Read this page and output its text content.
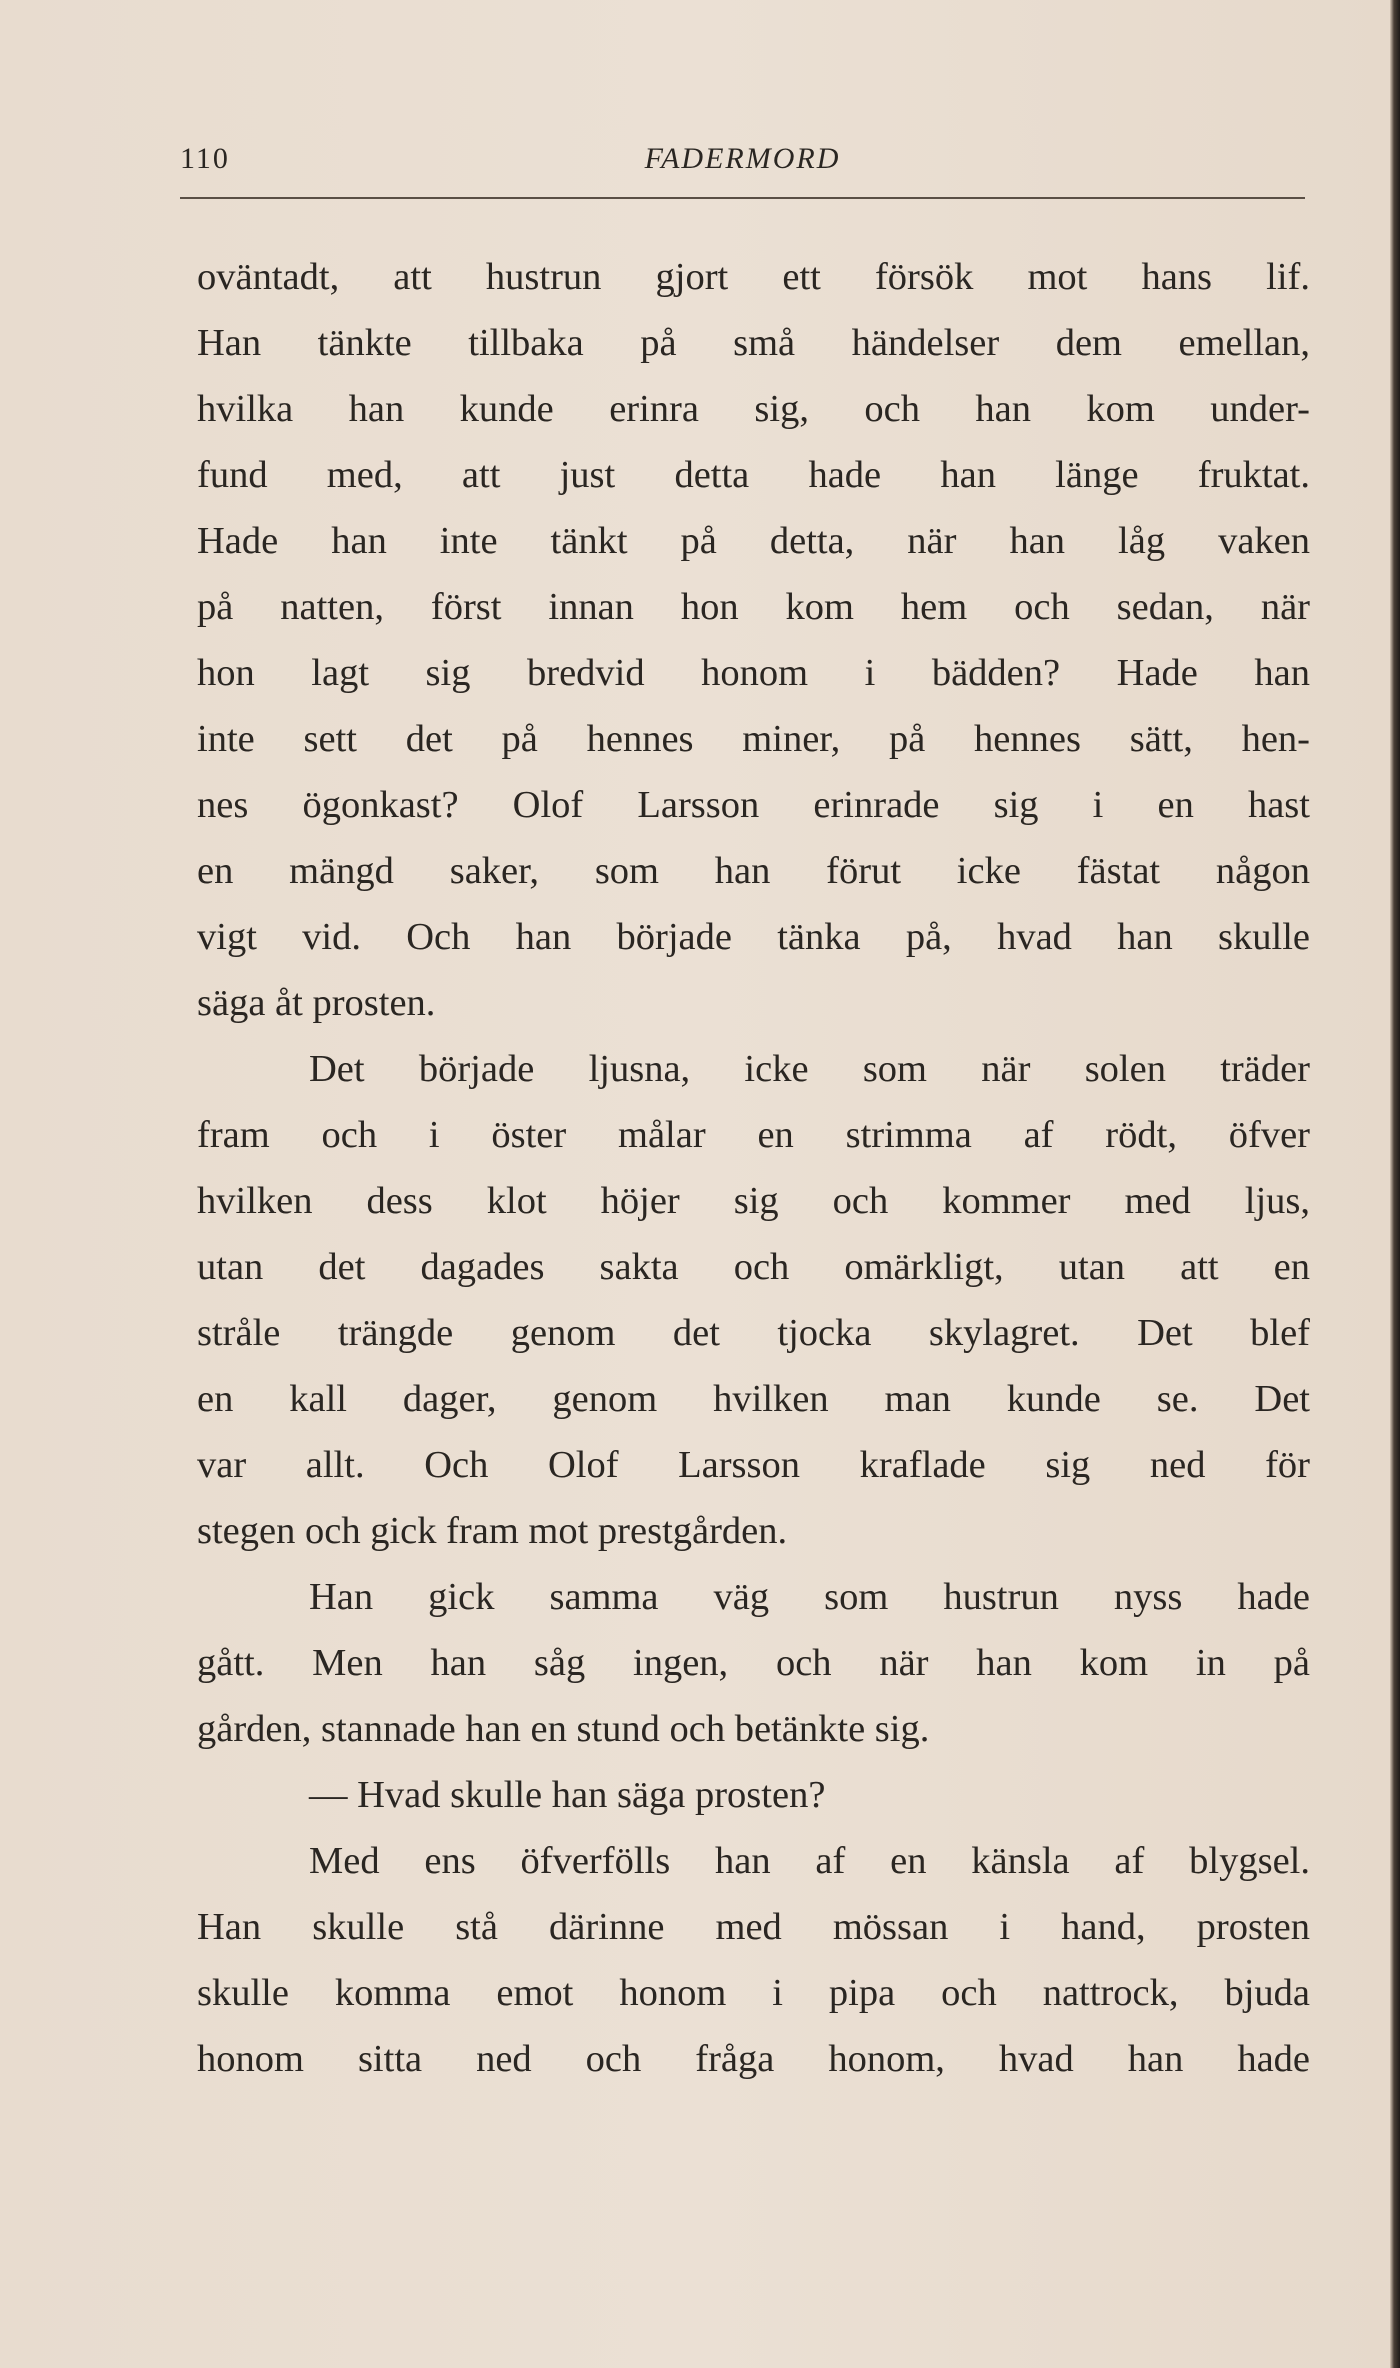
110	FADERMORD
oväntadt, att hustrun gjort ett försök mot hans lif.
Han tänkte tillbaka på små händelser dem emellan,
hvilka han kunde erinra sig, och han kom under-
fund med, att just detta hade han länge fruktat.
Hade han inte tänkt på detta, när han låg vaken
på natten, först innan hon kom hem och sedan, när
hon lagt sig bredvid honom i bädden? Hade han
inte sett det på hennes miner, på hennes sätt, hen-
nes ögonkast? Olof Larsson erinrade sig i en hast
en mängd saker, som han förut icke fästat någon
vigt vid. Och han började tänka på, hvad han skulle
säga åt prosten.
Det började ljusna, icke som när solen träder
fram och i öster målar en strimma af rödt, öfver
hvilken dess klot höjer sig och kommer med ljus,
utan det dagades sakta och omärkligt, utan att en
stråle trängde genom det tjocka skylagret. Det blef
en kall dager, genom hvilken man kunde se. Det
var allt. Och Olof Larsson kraflade sig ned för
stegen och gick fram mot prestgården.
Han gick samma väg som hustrun nyss hade
gått. Men han såg ingen, och när han kom in på
gården, stannade han en stund och betänkte sig.
— Hvad skulle han säga prosten?
Med ens öfverfölls han af en känsla af blygsel.
Han skulle stå därinne med mössan i hand, prosten
skulle komma emot honom i pipa och nattrock, bjuda
honom sitta ned och fråga honom, hvad han hade
